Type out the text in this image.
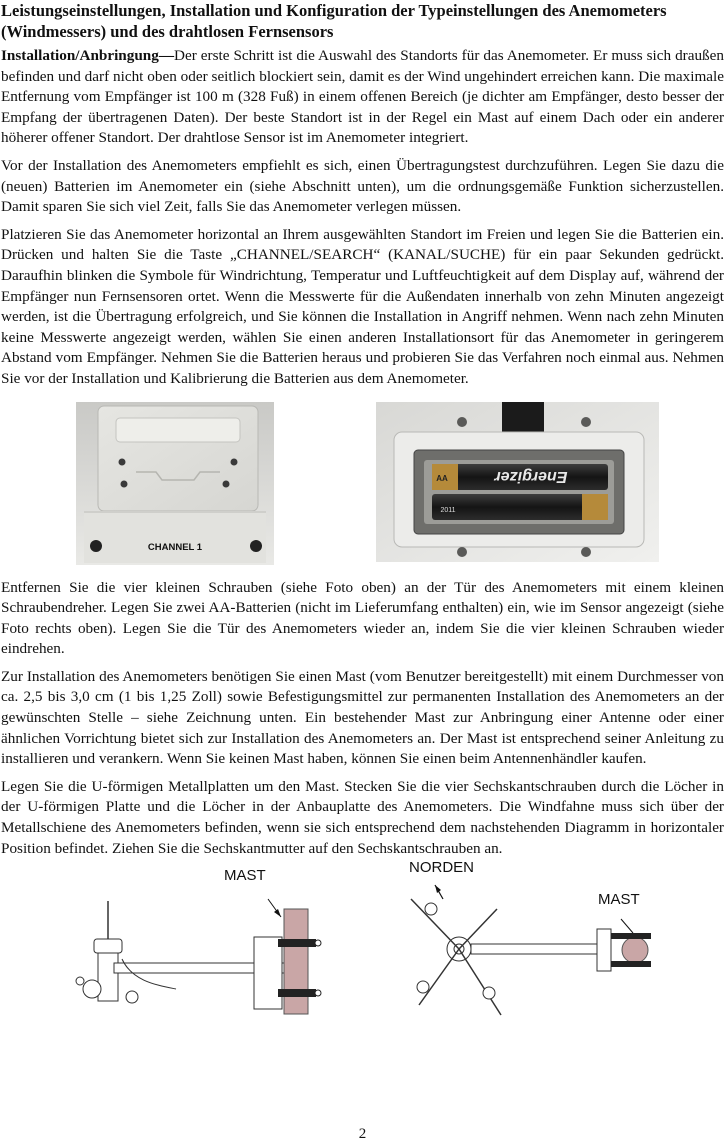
Leistungseinstellungen, Installation und Konfiguration der Typeinstellungen des Anemometers (Windmessers) und des drahtlosen Fernsensors

Installation/Anbringung—Der erste Schritt ist die Auswahl des Standorts für das Anemometer. Er muss sich draußen befinden und darf nicht oben oder seitlich blockiert sein, damit es der Wind ungehindert erreichen kann. Die maximale Entfernung vom Empfänger ist 100 m (328 Fuß) in einem offenen Bereich (je dichter am Empfänger, desto besser der Empfang der übertragenen Daten). Der beste Standort ist in der Regel ein Mast auf einem Dach oder ein anderer höherer offener Standort. Der drahtlose Sensor ist im Anemometer integriert.

Vor der Installation des Anemometers empfiehlt es sich, einen Übertragungstest durchzuführen. Legen Sie dazu die (neuen) Batterien im Anemometer ein (siehe Abschnitt unten), um die ordnungsgemäße Funktion sicherzustellen. Damit sparen Sie sich viel Zeit, falls Sie das Anemometer verlegen müssen.

Platzieren Sie das Anemometer horizontal an Ihrem ausgewählten Standort im Freien und legen Sie die Batterien ein. Drücken und halten Sie die Taste „CHANNEL/SEARCH“ (KANAL/SUCHE) für ein paar Sekunden gedrückt. Daraufhin blinken die Symbole für Windrichtung, Temperatur und Luftfeuchtigkeit auf dem Display auf, während der Empfänger nun Fernsensoren ortet. Wenn die Messwerte für die Außendaten innerhalb von zehn Minuten angezeigt werden, ist die Übertragung erfolgreich, und Sie können die Installation in Angriff nehmen. Wenn nach zehn Minuten keine Messwerte angezeigt werden, wählen Sie einen anderen Installationsort für das Anemometer in geringerem Abstand vom Empfänger. Nehmen Sie die Batterien heraus und probieren Sie das Verfahren noch einmal aus. Nehmen Sie vor der Installation und Kalibrierung die Batterien aus dem Anemometer.

CHANNEL 1
Energizer
AA
2011

Entfernen Sie die vier kleinen Schrauben (siehe Foto oben) an der Tür des Anemometers mit einem kleinen Schraubendreher. Legen Sie zwei AA-Batterien (nicht im Lieferumfang enthalten) ein, wie im Sensor angezeigt (siehe Foto rechts oben). Legen Sie die Tür des Anemometers wieder an, indem Sie die vier kleinen Schrauben wieder eindrehen.

Zur Installation des Anemometers benötigen Sie einen Mast (vom Benutzer bereitgestellt) mit einem Durchmesser von ca. 2,5 bis 3,0 cm (1 bis 1,25 Zoll) sowie Befestigungsmittel zur permanenten Installation des Anemometers an der gewünschten Stelle – siehe Zeichnung unten. Ein bestehender Mast zur Anbringung einer Antenne oder einer ähnlichen Vorrichtung bietet sich zur Installation des Anemometers an. Der Mast ist entsprechend seiner Anleitung zu installieren und verankern. Wenn Sie keinen Mast haben, können Sie einen beim Antennenhändler kaufen.

Legen Sie die U-förmigen Metallplatten um den Mast. Stecken Sie die vier Sechskantschrauben durch die Löcher in der U-förmigen Platte und die Löcher in der Anbauplatte des Anemometers. Die Windfahne muss sich über der Metallschiene des Anemometers befinden, wenn sie sich entsprechend dem nachstehenden Diagramm in horizontaler Position befindet. Ziehen Sie die Sechskantmutter auf den Sechskantschrauben an.

MAST	NORDEN
MAST
2
